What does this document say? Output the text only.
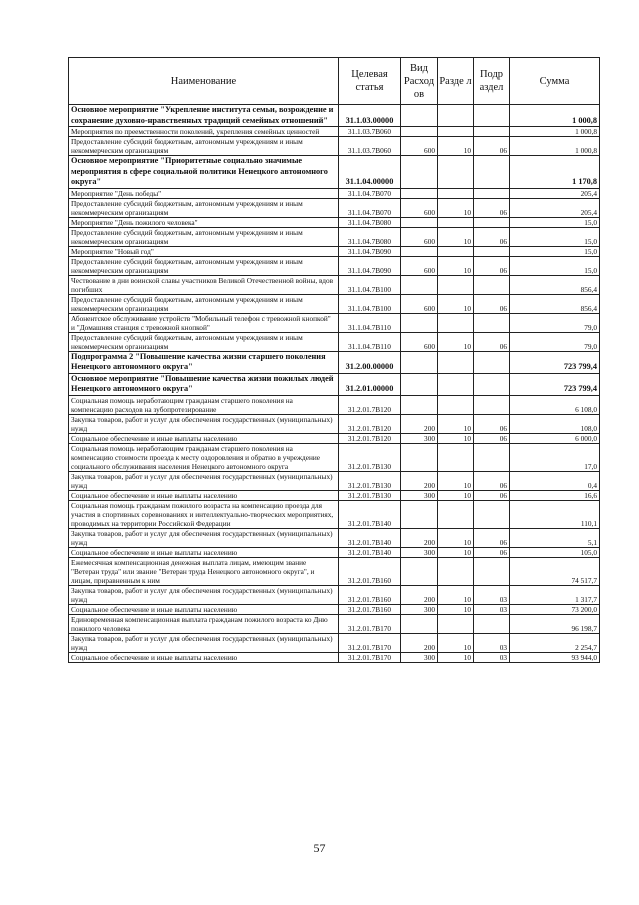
Наименование	Целевая статья	Вид Расход ов	Разде л	Подр аздел	Сумма
Основное мероприятие "Укрепление института семьи, возрождение и сохранение духовно-нравственных традиций семейных отношений"	31.1.03.00000				1 000,8
Мероприятия по преемственности поколений, укрепления семейных ценностей	31.1.03.7В060				1 000,8
Предоставление субсидий бюджетным, автономным учреждениям и иным некоммерческим организациям	31.1.03.7В060	600	10	06	1 000,8
Основное мероприятие "Приоритетные социально значимые мероприятия в сфере социальной политики Ненецкого автономного округа"	31.1.04.00000				1 170,8
Мероприятие "День победы"	31.1.04.7В070				205,4
Предоставление субсидий бюджетным, автономным учреждениям и иным некоммерческим организациям	31.1.04.7В070	600	10	06	205,4
Мероприятие "День пожилого человека"	31.1.04.7В080				15,0
Предоставление субсидий бюджетным, автономным учреждениям и иным некоммерческим организациям	31.1.04.7В080	600	10	06	15,0
Мероприятие "Новый год"	31.1.04.7В090				15,0
Предоставление субсидий бюджетным, автономным учреждениям и иным некоммерческим организациям	31.1.04.7В090	600	10	06	15,0
Чествование в дни воинской славы участников Великой Отечественной войны, вдов погибших	31.1.04.7В100				856,4
Предоставление субсидий бюджетным, автономным учреждениям и иным некоммерческим организациям	31.1.04.7В100	600	10	06	856,4
Абонентское обслуживание устройств "Мобильный телефон с тревожной кнопкой" и "Домашняя станция с тревожной кнопкой"	31.1.04.7В110				79,0
Предоставление субсидий бюджетным, автономным учреждениям и иным некоммерческим организациям	31.1.04.7В110	600	10	06	79,0
Подпрограмма 2 "Повышение качества жизни старшего поколения Ненецкого автономного округа"	31.2.00.00000				723 799,4
Основное мероприятие "Повышение качества жизни пожилых людей Ненецкого автономного округа"	31.2.01.00000				723 799,4
Социальная помощь неработающим гражданам старшего поколения на компенсацию расходов на зубопротезирование	31.2.01.7В120				6 108,0
Закупка товаров, работ и услуг для обеспечения государственных (муниципальных) нужд	31.2.01.7В120	200	10	06	108,0
Социальное обеспечение и иные выплаты населению	31.2.01.7В120	300	10	06	6 000,0
Социальная помощь неработающим гражданам старшего поколения на компенсацию стоимости проезда к месту оздоровления и обратно в учреждение социального обслуживания населения Ненецкого автономного округа	31.2.01.7В130				17,0
Закупка товаров, работ и услуг для обеспечения государственных (муниципальных) нужд	31.2.01.7В130	200	10	06	0,4
Социальное обеспечение и иные выплаты населению	31.2.01.7В130	300	10	06	16,6
Социальная помощь гражданам пожилого возраста на компенсацию проезда для участия в спортивных соревнованиях и интеллектуально-творческих мероприятиях, проводимых на территории Российской Федерации	31.2.01.7В140				110,1
Закупка товаров, работ и услуг для обеспечения государственных (муниципальных) нужд	31.2.01.7В140	200	10	06	5,1
Социальное обеспечение и иные выплаты населению	31.2.01.7В140	300	10	06	105,0
Ежемесячная компенсационная денежная выплата лицам, имеющим звание "Ветеран труда" или звание "Ветеран труда Ненецкого автономного округа", и лицам, приравненным к ним	31.2.01.7В160				74 517,7
Закупка товаров, работ и услуг для обеспечения государственных (муниципальных) нужд	31.2.01.7В160	200	10	03	1 317,7
Социальное обеспечение и иные выплаты населению	31.2.01.7В160	300	10	03	73 200,0
Единовременная компенсационная выплата гражданам пожилого возраста ко Дню пожилого человека	31.2.01.7В170				96 198,7
Закупка товаров, работ и услуг для обеспечения государственных (муниципальных) нужд	31.2.01.7В170	200	10	03	2 254,7
Социальное обеспечение и иные выплаты населению	31.2.01.7В170	300	10	03	93 944,0
57
